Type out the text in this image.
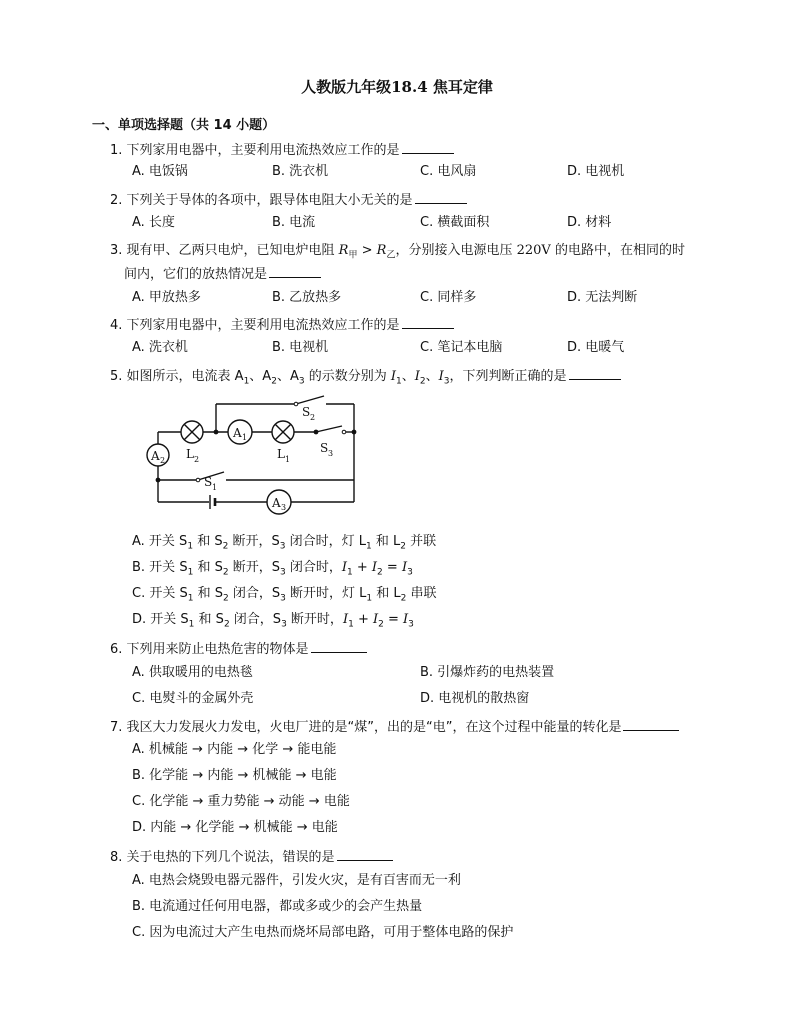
人教版九年级18.4 焦耳定律
一、单项选择题（共 14 小题）
1. 下列家用电器中，主要利用电流热效应工作的是
A. 电饭锅	B. 洗衣机	C. 电风扇	D. 电视机
2. 下列关于导体的各项中，跟导体电阻大小无关的是
A. 长度	B. 电流	C. 横截面积	D. 材料
3. 现有甲、乙两只电炉，已知电炉电阻 $R_甲 > R_乙$，分别接入电源电压 220V 的电路中，在相同的时
间内，它们的放热情况是
A. 甲放热多	B. 乙放热多	C. 同样多	D. 无法判断
4. 下列家用电器中，主要利用电流热效应工作的是
A. 洗衣机	B. 电视机	C. 笔记本电脑	D. 电暖气
5. 如图所示，电流表 $A_1$、$A_2$、$A_3$ 的示数分别为 $I_1$、$I_2$、$I_3$，下列判断正确的是
A 1
A 2
A 3
L 2	L 1
S 2
S 3
S 1
A. 开关 $S_1$ 和 $S_2$ 断开，$S_3$ 闭合时，灯 $L_1$ 和 $L_2$ 并联
B. 开关 $S_1$ 和 $S_2$ 断开，$S_3$ 闭合时，$I_1 + I_2 = I_3$
C. 开关 $S_1$ 和 $S_2$ 闭合，$S_3$ 断开时，灯 $L_1$ 和 $L_2$ 串联
D. 开关 $S_1$ 和 $S_2$ 闭合，$S_3$ 断开时，$I_1 + I_2 = I_3$
6. 下列用来防止电热危害的物体是
A. 供取暖用的电热毯	B. 引爆炸药的电热装置
C. 电熨斗的金属外壳	D. 电视机的散热窗
7. 我区大力发展火力发电，火电厂进的是“煤”，出的是“电”，在这个过程中能量的转化是
A. 机械能 → 内能 → 化学 → 能电能
B. 化学能 → 内能 → 机械能 → 电能
C. 化学能 → 重力势能 → 动能 → 电能
D. 内能 → 化学能 → 机械能 → 电能
8. 关于电热的下列几个说法，错误的是
A. 电热会烧毁电器元器件，引发火灾，是有百害而无一利
B. 电流通过任何用电器，都或多或少的会产生热量
C. 因为电流过大产生电热而烧坏局部电路，可用于整体电路的保护
